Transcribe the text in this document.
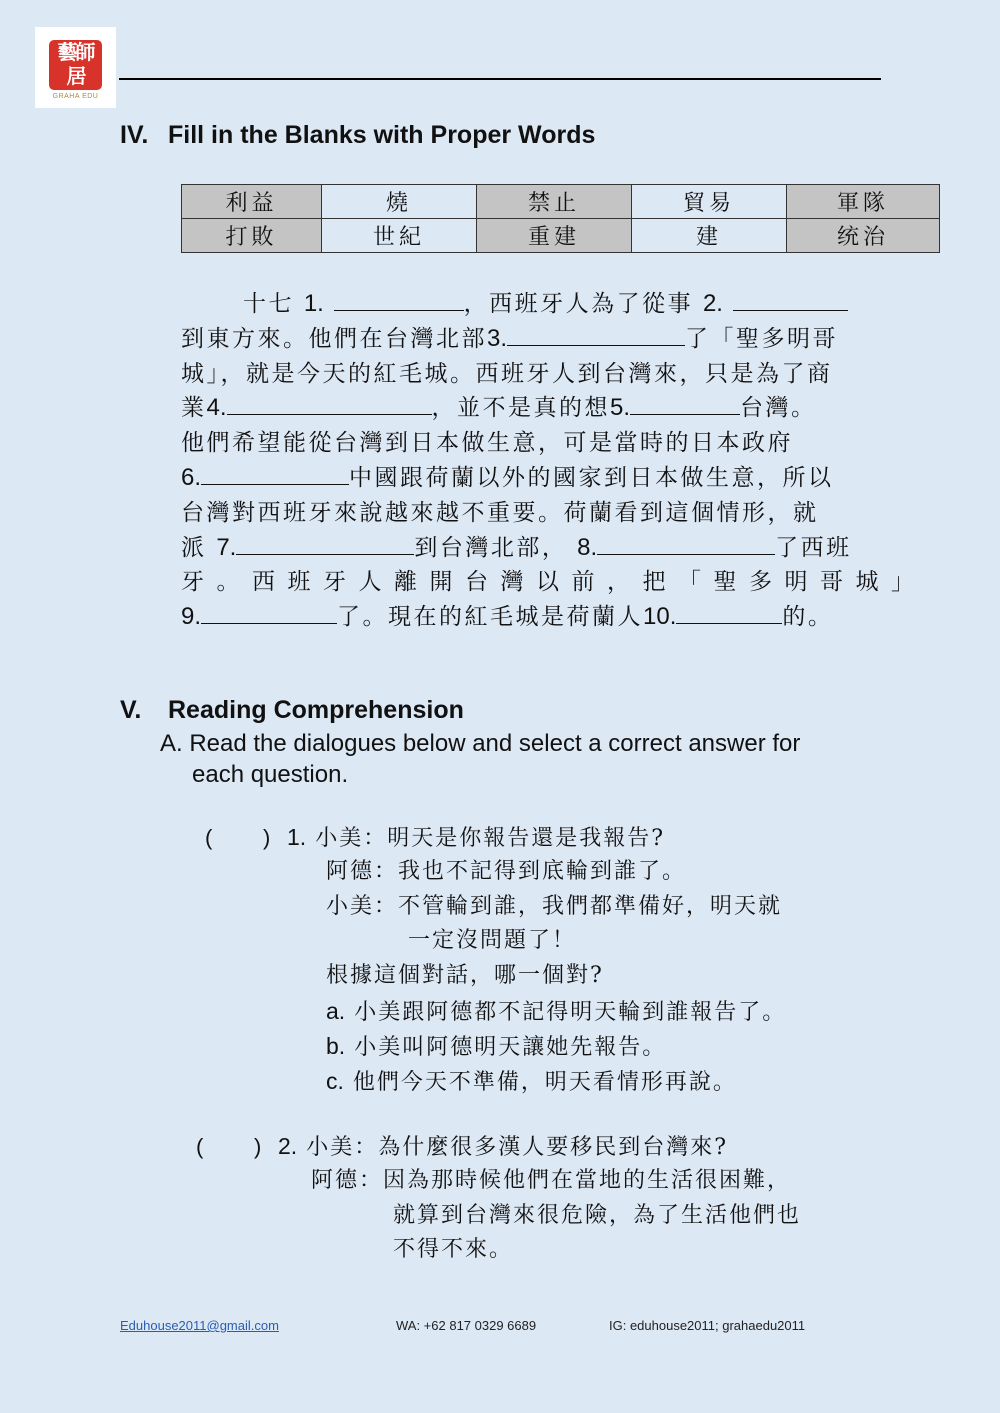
藝師居
GRAHA EDU
IV. Fill in the Blanks with Proper Words
利益	燒	禁止	貿易	軍隊
打敗	世紀	重建	建	统治
十七 1.	，西班牙人為了從事 2.
到東方來。他們在台灣北部3.	了「聖多明哥
城」，就是今天的紅毛城。西班牙人到台灣來，只是為了商
業4.	，並不是真的想5.	台灣。
他們希望能從台灣到日本做生意，可是當時的日本政府
6.	中國跟荷蘭以外的國家到日本做生意，所以
台灣對西班牙來說越來越不重要。荷蘭看到這個情形，就
派 7.	到台灣北部， 8.	了西班
牙。西班牙人離開台灣以前，把「聖多明哥城」
9.	了。現在的紅毛城是荷蘭人10.	的。
V. Reading Comprehension
A. Read the dialogues below and select a correct answer for
each question.
(      ) 1. 小美：明天是你報告還是我報告?
阿德：我也不記得到底輪到誰了。
小美：不管輪到誰，我們都準備好，明天就
一定沒問題了！
根據這個對話，哪一個對?
a. 小美跟阿德都不記得明天輪到誰報告了。
b. 小美叫阿德明天讓她先報告。
c. 他們今天不準備，明天看情形再說。
(      ) 2. 小美：為什麼很多漢人要移民到台灣來?
阿德：因為那時候他們在當地的生活很困難，
就算到台灣來很危險，為了生活他們也
不得不來。
Eduhouse2011@gmail.com	WA: +62 817 0329 6689	IG: eduhouse2011; grahaedu2011
